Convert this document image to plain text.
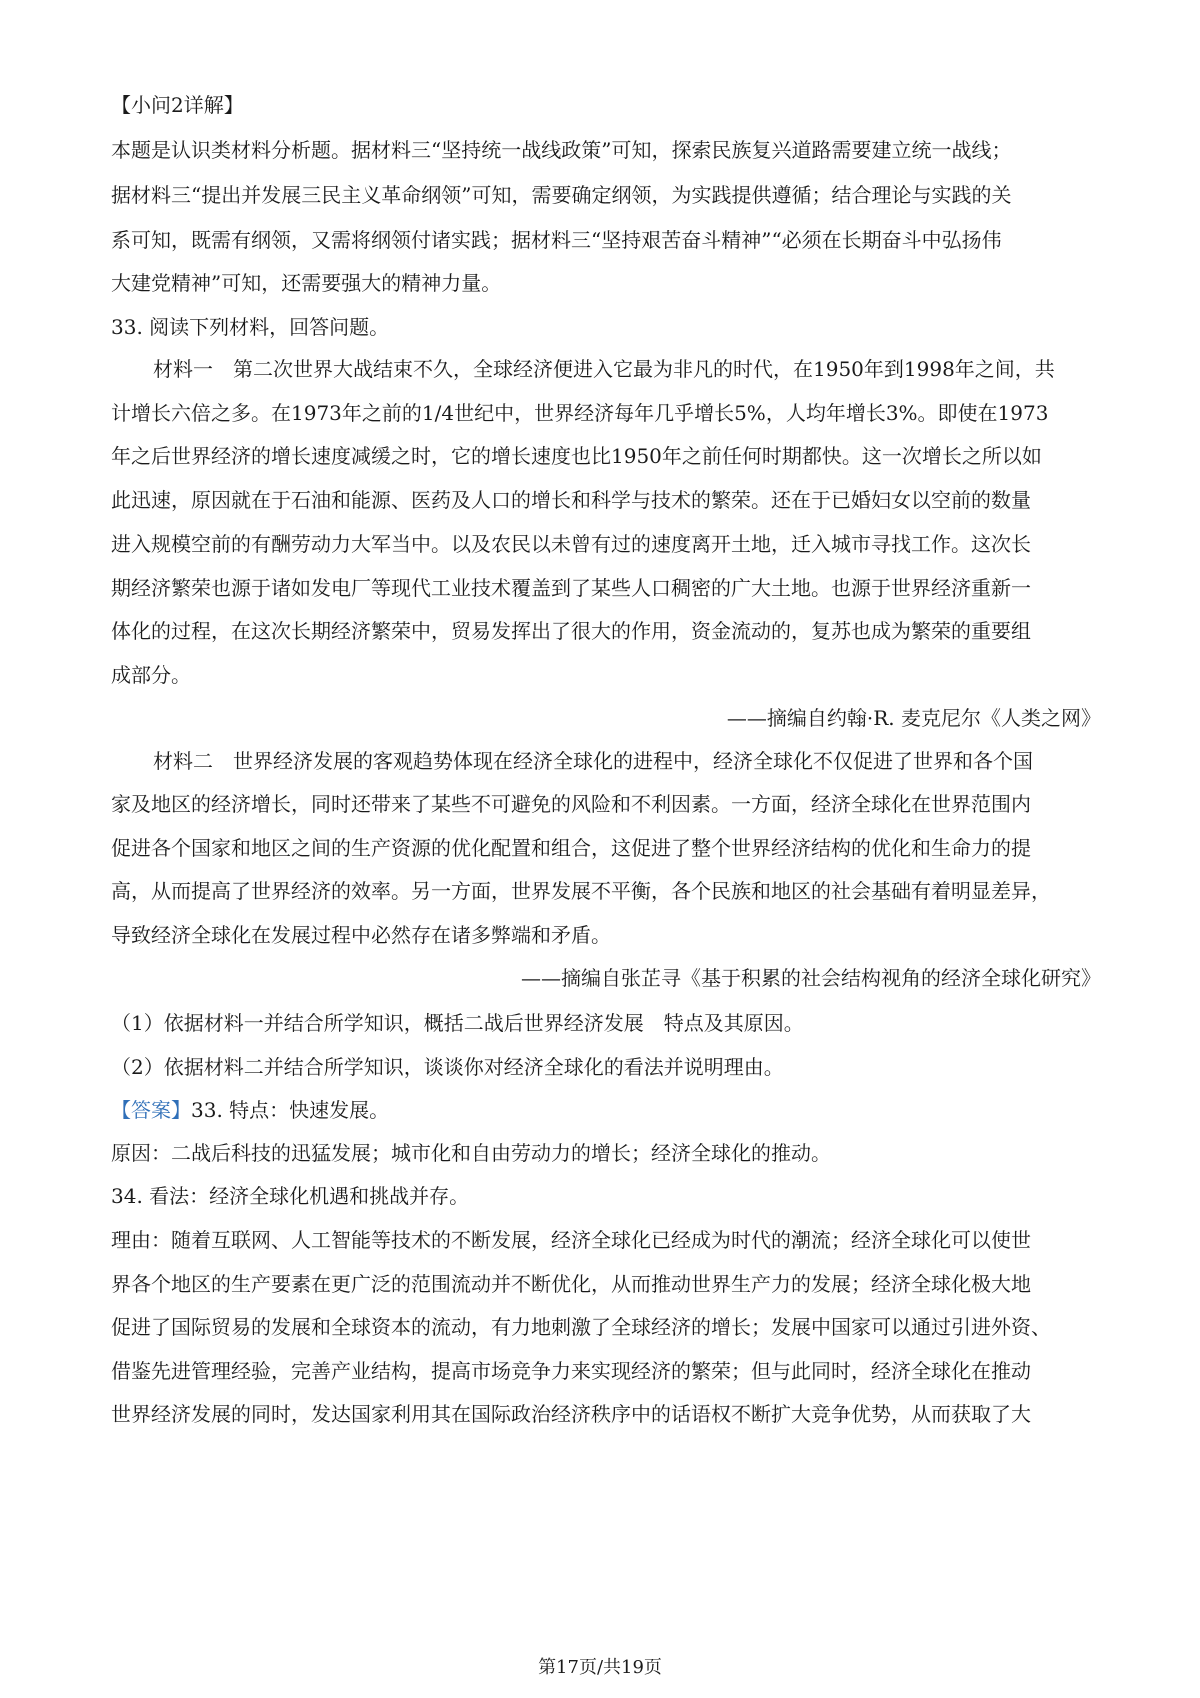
【小问2详解】
本题是认识类材料分析题。据材料三“坚持统一战线政策”可知，探索民族复兴道路需要建立统一战线；
据材料三“提出并发展三民主义革命纲领”可知，需要确定纲领，为实践提供遵循；结合理论与实践的关
系可知，既需有纲领，又需将纲领付诸实践；据材料三“坚持艰苦奋斗精神”“必须在长期奋斗中弘扬伟
大建党精神”可知，还需要强大的精神力量。
33. 阅读下列材料，回答问题。
材料一　第二次世界大战结束不久，全球经济便进入它最为非凡的时代，在1950年到1998年之间，共
计增长六倍之多。在1973年之前的1/4世纪中，世界经济每年几乎增长5%，人均年增长3%。即使在1973
年之后世界经济的增长速度减缓之时，它的增长速度也比1950年之前任何时期都快。这一次增长之所以如
此迅速，原因就在于石油和能源、医药及人口的增长和科学与技术的繁荣。还在于已婚妇女以空前的数量
进入规模空前的有酬劳动力大军当中。以及农民以未曾有过的速度离开土地，迁入城市寻找工作。这次长
期经济繁荣也源于诸如发电厂等现代工业技术覆盖到了某些人口稠密的广大土地。也源于世界经济重新一
体化的过程，在这次长期经济繁荣中，贸易发挥出了很大的作用，资金流动的，复苏也成为繁荣的重要组
成部分。
——摘编自约翰·R. 麦克尼尔《人类之网》
材料二　世界经济发展的客观趋势体现在经济全球化的进程中，经济全球化不仅促进了世界和各个国
家及地区的经济增长，同时还带来了某些不可避免的风险和不利因素。一方面，经济全球化在世界范围内
促进各个国家和地区之间的生产资源的优化配置和组合，这促进了整个世界经济结构的优化和生命力的提
高，从而提高了世界经济的效率。另一方面，世界发展不平衡，各个民族和地区的社会基础有着明显差异，
导致经济全球化在发展过程中必然存在诸多弊端和矛盾。
——摘编自张芷寻《基于积累的社会结构视角的经济全球化研究》
（1）依据材料一并结合所学知识，概括二战后世界经济发展　特点及其原因。
（2）依据材料二并结合所学知识，谈谈你对经济全球化的看法并说明理由。
【答案】33. 特点：快速发展。
原因：二战后科技的迅猛发展；城市化和自由劳动力的增长；经济全球化的推动。
34. 看法：经济全球化机遇和挑战并存。
理由：随着互联网、人工智能等技术的不断发展，经济全球化已经成为时代的潮流；经济全球化可以使世
界各个地区的生产要素在更广泛的范围流动并不断优化，从而推动世界生产力的发展；经济全球化极大地
促进了国际贸易的发展和全球资本的流动，有力地刺激了全球经济的增长；发展中国家可以通过引进外资、
借鉴先进管理经验，完善产业结构，提高市场竞争力来实现经济的繁荣；但与此同时，经济全球化在推动
世界经济发展的同时，发达国家利用其在国际政治经济秩序中的话语权不断扩大竞争优势，从而获取了大
第17页/共19页
